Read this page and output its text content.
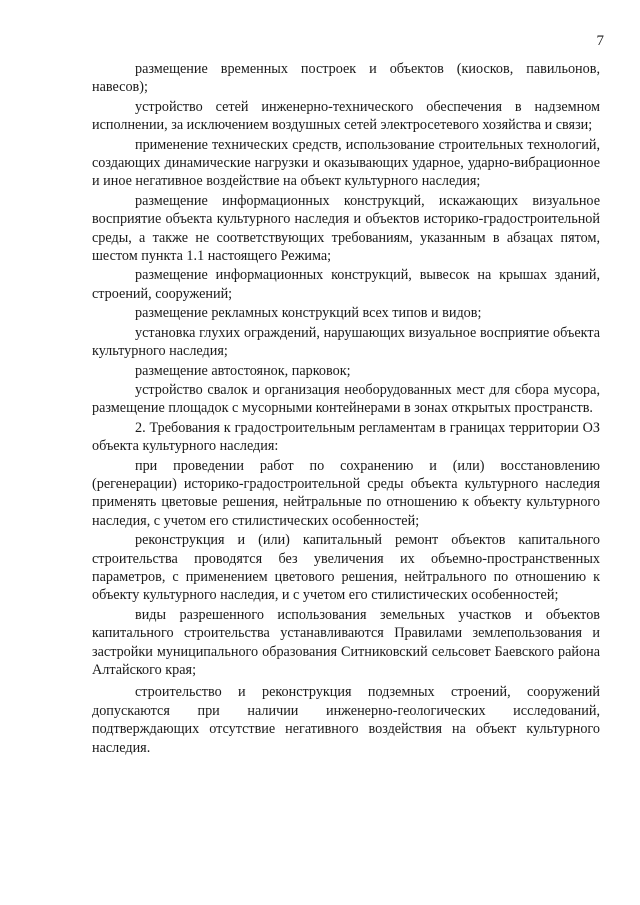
7

размещение временных построек и объектов (киосков, павильонов, навесов);

устройство сетей инженерно-технического обеспечения в надземном исполнении, за исключением воздушных сетей электросетевого хозяйства и связи;

применение технических средств, использование строительных технологий, создающих динамические нагрузки и оказывающих ударное, ударно-вибрационное и иное негативное воздействие на объект культурного наследия;

размещение информационных конструкций, искажающих визуальное восприятие объекта культурного наследия и объектов историко-градостроительной среды, а также не соответствующих требованиям, указанным в абзацах пятом, шестом пункта 1.1 настоящего Режима;

размещение информационных конструкций, вывесок на крышах зданий, строений, сооружений;

размещение рекламных конструкций всех типов и видов;

установка глухих ограждений, нарушающих визуальное восприятие объекта культурного наследия;

размещение автостоянок, парковок;

устройство свалок и организация необорудованных мест для сбора мусора, размещение площадок с мусорными контейнерами в зонах открытых пространств.

2. Требования к градостроительным регламентам в границах территории ОЗ объекта культурного наследия:

при проведении работ по сохранению и (или) восстановлению (регенерации) историко-градостроительной среды объекта культурного наследия применять цветовые решения, нейтральные по отношению к объекту культурного наследия, с учетом его стилистических особенностей;

реконструкция и (или) капитальный ремонт объектов капитального строительства проводятся без увеличения их объемно-пространственных параметров, с применением цветового решения, нейтрального по отношению к объекту культурного наследия, и с учетом его стилистических особенностей;

виды разрешенного использования земельных участков и объектов капитального строительства устанавливаются Правилами землепользования и застройки муниципального образования Ситниковский сельсовет Баевского района Алтайского края;

строительство и реконструкция подземных строений, сооружений допускаются при наличии инженерно-геологических исследований, подтверждающих отсутствие негативного воздействия на объект культурного наследия.
